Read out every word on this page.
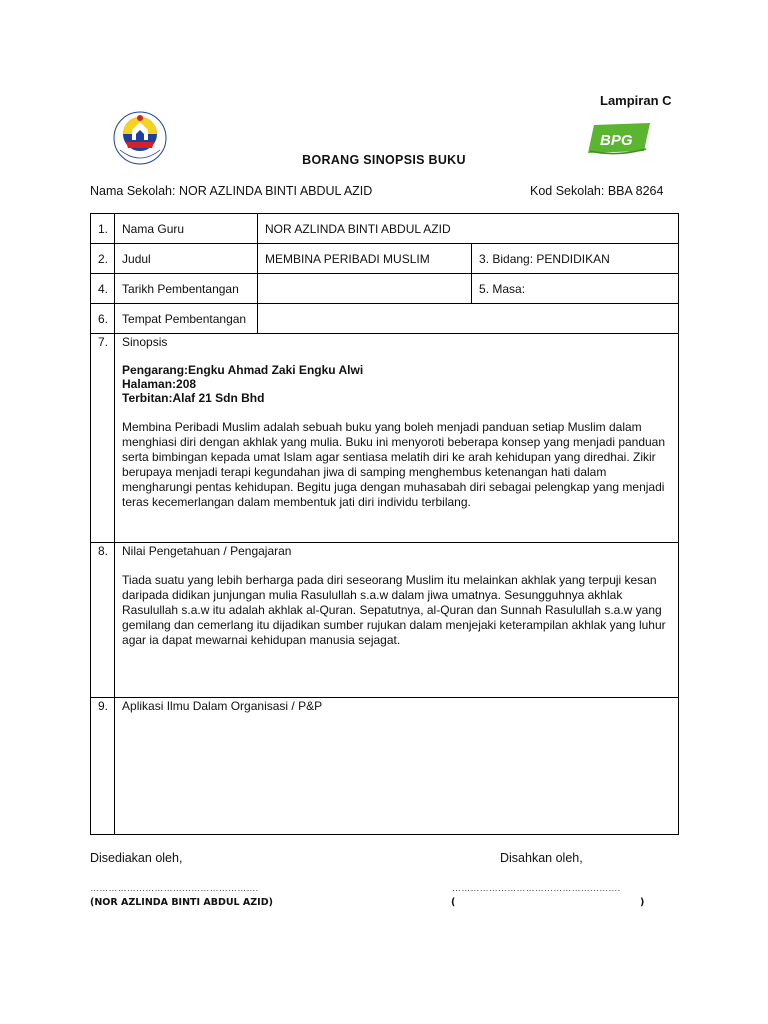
BPG
Lampiran C
BORANG SINOPSIS BUKU
Nama Sekolah: NOR AZLINDA BINTI ABDUL AZID	Kod Sekolah: BBA 8264
1.	Nama Guru	NOR AZLINDA BINTI ABDUL AZID	
2.	Judul	MEMBINA PERIBADI MUSLIM	3. Bidang: PENDIDIKAN
4.	Tarikh Pembentangan		5. Masa:
6.	Tempat Pembentangan		
7.	Sinopsis
Pengarang:Engku Ahmad Zaki Engku Alwi
Halaman:208
Terbitan:Alaf 21 Sdn Bhd
Membina Peribadi Muslim adalah sebuah buku yang boleh menjadi panduan setiap Muslim dalam menghiasi diri dengan akhlak yang mulia. Buku ini menyoroti beberapa konsep yang menjadi panduan serta bimbingan kepada umat Islam agar sentiasa melatih diri ke arah kehidupan yang diredhai. Zikir berupaya menjadi terapi kegundahan jiwa di samping menghembus ketenangan hati dalam mengharungi pentas kehidupan. Begitu juga dengan muhasabah diri sebagai pelengkap yang menjadi teras kecemerlangan dalam membentuk jati diri individu terbilang.		

8.	Nilai Pengetahuan / Pengajaran
Tiada suatu yang lebih berharga pada diri seseorang Muslim itu melainkan akhlak yang terpuji kesan daripada didikan junjungan mulia Rasulullah s.a.w dalam jiwa umatnya. Sesungguhnya akhlak Rasulullah s.a.w itu adalah akhlak al-Quran. Sepatutnya, al-Quran dan Sunnah Rasulullah s.a.w yang gemilang dan cemerlang itu dijadikan sumber rujukan dalam menjejaki keterampilan akhlak yang luhur agar ia dapat mewarnai kehidupan manusia sejagat.		

9.	Aplikasi Ilmu Dalam Organisasi / P&P		
Disediakan oleh,	Disahkan oleh,
……………………………………………….	……………………………………………….
(NOR AZLINDA BINTI ABDUL AZID)	(	)
